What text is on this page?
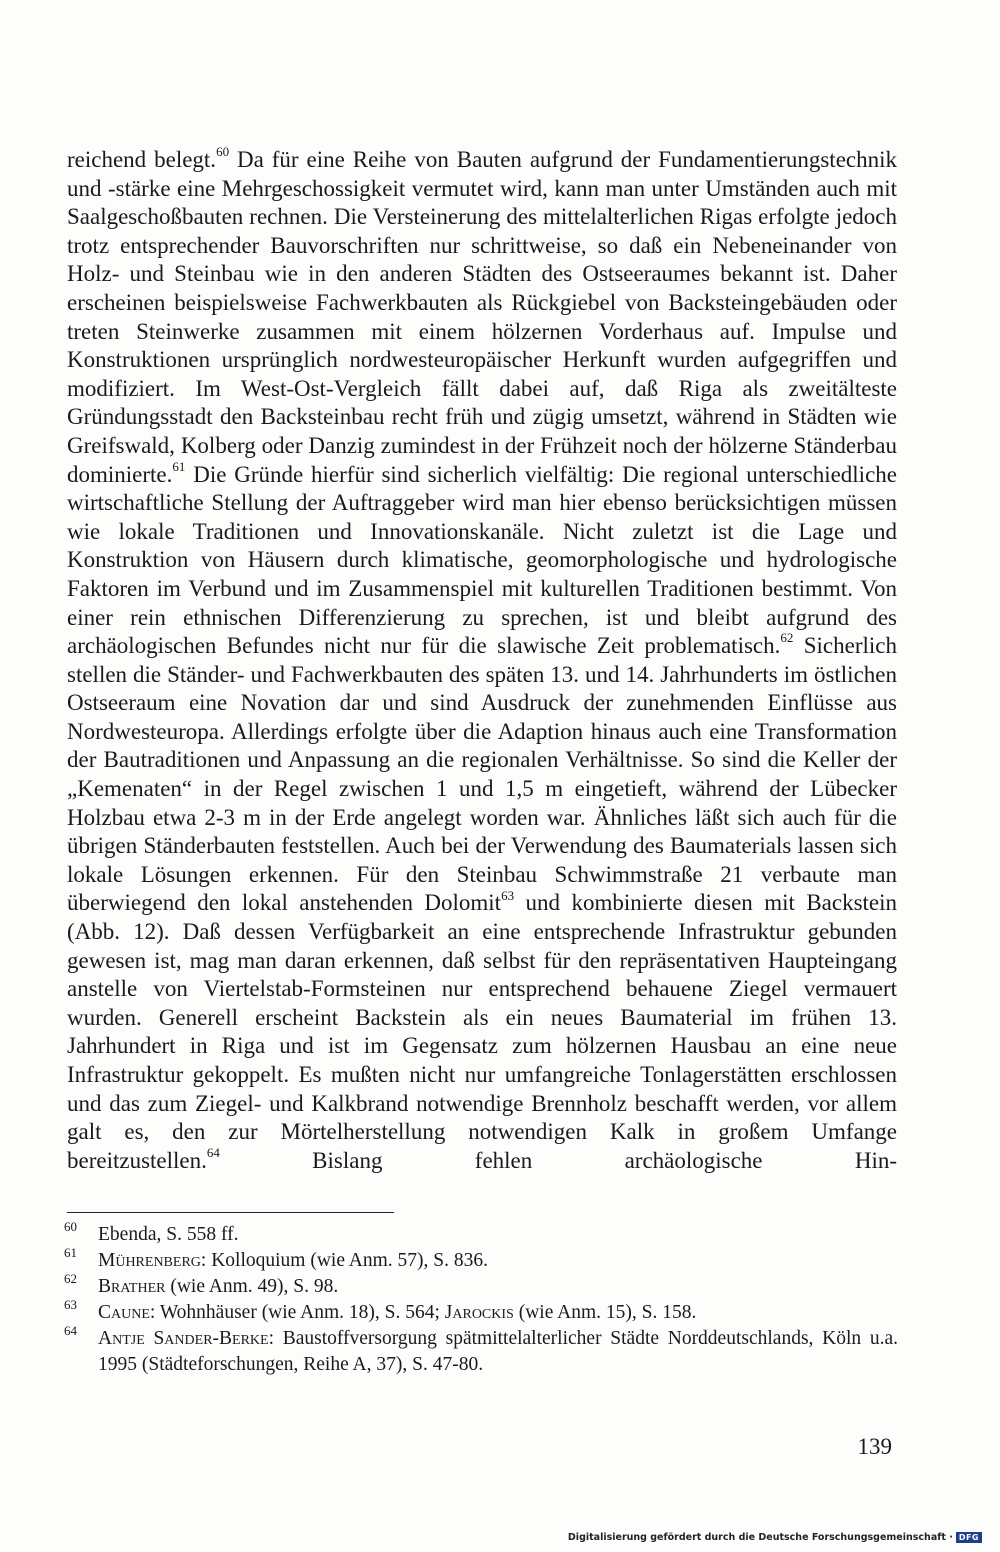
reichend belegt.$^{60}$ Da für eine Reihe von Bauten aufgrund der Fundamentierungstechnik und -stärke eine Mehrgeschossigkeit vermutet wird, kann man unter Umständen auch mit Saalgeschoßbauten rechnen. Die Versteinerung des mittelalterlichen Rigas erfolgte jedoch trotz entsprechender Bauvorschriften nur schrittweise, so daß ein Nebeneinander von Holz- und Steinbau wie in den anderen Städten des Ostseeraumes bekannt ist. Daher erscheinen beispielsweise Fachwerkbauten als Rückgiebel von Backsteingebäuden oder treten Steinwerke zusammen mit einem hölzernen Vorderhaus auf. Impulse und Konstruktionen ursprünglich nordwesteuropäischer Herkunft wurden aufgegriffen und modifiziert. Im West-Ost-Vergleich fällt dabei auf, daß Riga als zweitälteste Gründungsstadt den Backsteinbau recht früh und zügig umsetzt, während in Städten wie Greifswald, Kolberg oder Danzig zumindest in der Frühzeit noch der hölzerne Ständerbau dominierte.$^{61}$ Die Gründe hierfür sind sicherlich vielfältig: Die regional unterschiedliche wirtschaftliche Stellung der Auftraggeber wird man hier ebenso berücksichtigen müssen wie lokale Traditionen und Innovationskanäle. Nicht zuletzt ist die Lage und Konstruktion von Häusern durch klimatische, geomorphologische und hydrologische Faktoren im Verbund und im Zusammenspiel mit kulturellen Traditionen bestimmt. Von einer rein ethnischen Differenzierung zu sprechen, ist und bleibt aufgrund des archäologischen Befundes nicht nur für die slawische Zeit problematisch.$^{62}$ Sicherlich stellen die Ständer- und Fachwerkbauten des späten 13. und 14. Jahrhunderts im östlichen Ostseeraum eine Novation dar und sind Ausdruck der zunehmenden Einflüsse aus Nordwesteuropa. Allerdings erfolgte über die Adaption hinaus auch eine Transformation der Bautraditionen und Anpassung an die regionalen Verhältnisse. So sind die Keller der „Kemenaten“ in der Regel zwischen 1 und 1,5 m eingetieft, während der Lübecker Holzbau etwa 2-3 m in der Erde angelegt worden war. Ähnliches läßt sich auch für die übrigen Ständerbauten feststellen. Auch bei der Verwendung des Baumaterials lassen sich lokale Lösungen erkennen. Für den Steinbau Schwimmstraße 21 verbaute man überwiegend den lokal anstehenden Dolomit$^{63}$ und kombinierte diesen mit Backstein (Abb. 12). Daß dessen Verfügbarkeit an eine entsprechende Infrastruktur gebunden gewesen ist, mag man daran erkennen, daß selbst für den repräsentativen Haupteingang anstelle von Viertelstab-Formsteinen nur entsprechend behauene Ziegel vermauert wurden. Generell erscheint Backstein als ein neues Baumaterial im frühen 13. Jahrhundert in Riga und ist im Gegensatz zum hölzernen Hausbau an eine neue Infrastruktur gekoppelt. Es mußten nicht nur umfangreiche Tonlagerstätten erschlossen und das zum Ziegel- und Kalkbrand notwendige Brennholz beschafft werden, vor allem galt es, den zur Mörtelherstellung notwendigen Kalk in großem Umfange bereitzustellen.$^{64}$ Bislang fehlen archäologische Hin-

60 Ebenda, S. 558 ff.
61 Mührenberg: Kolloquium (wie Anm. 57), S. 836.
62 Brather (wie Anm. 49), S. 98.
63 Caune: Wohnhäuser (wie Anm. 18), S. 564; Jarockis (wie Anm. 15), S. 158.
64 Antje Sander-Berke: Baustoffversorgung spätmittelalterlicher Städte Norddeutschlands, Köln u.a. 1995 (Städteforschungen, Reihe A, 37), S. 47-80.
139
Digitalisierung gefördert durch die Deutsche Forschungsgemeinschaft · DFG
